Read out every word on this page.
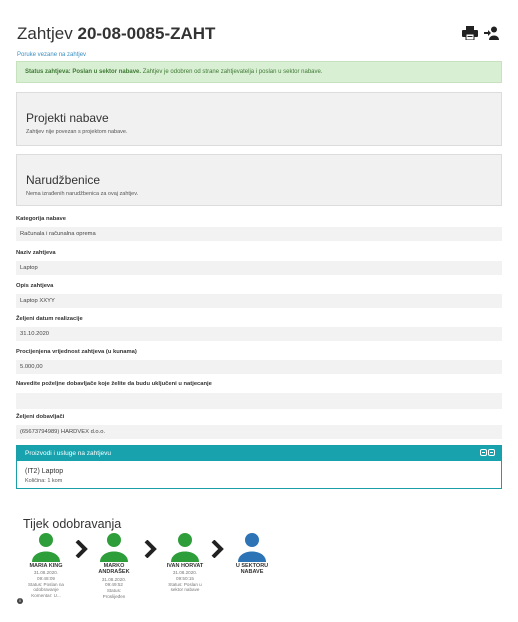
Zahtjev 20-08-0085-ZAHT
Poruke vezane na zahtjev
Status zahtjeva: Poslan u sektor nabave. Zahtjev je odobren od strane zahtjevatelja i poslan u sektor nabave.
Projekti nabave

Zahtjev nije povezan s projektom nabave.

Narudžbenice

Nema izrađenih narudžbenica za ovaj zahtjev.

Kategorija nabave
Računala i računalna oprema
Naziv zahtjeva
Laptop
Opis zahtjeva
Laptop XXYY
Željeni datum realizacije
31.10.2020
Procijenjena vrijednost zahtjeva (u kunama)
5.000,00
Navedite poželjne dobavljače koje želite da budu uključeni u natjecanje
Željeni dobavljači
(65673794989) HARDVEX d.o.o.
Proizvodi i usluge na zahtjevu
(IT2) Laptop
Količina: 1 kom
Tijek odobravanja
MARIA KING
31.08.2020.
09:48:09
Status: Poslan na
odobravanje
Komentar: U...
i
MARKO ANDRAŠEK
31.08.2020.
09:49:52
Status:
Proslijeđen
IVAN HORVAT
31.08.2020.
09:50:15
Status: Poslan u
sektor nabave
U SEKTORU NABAVE
